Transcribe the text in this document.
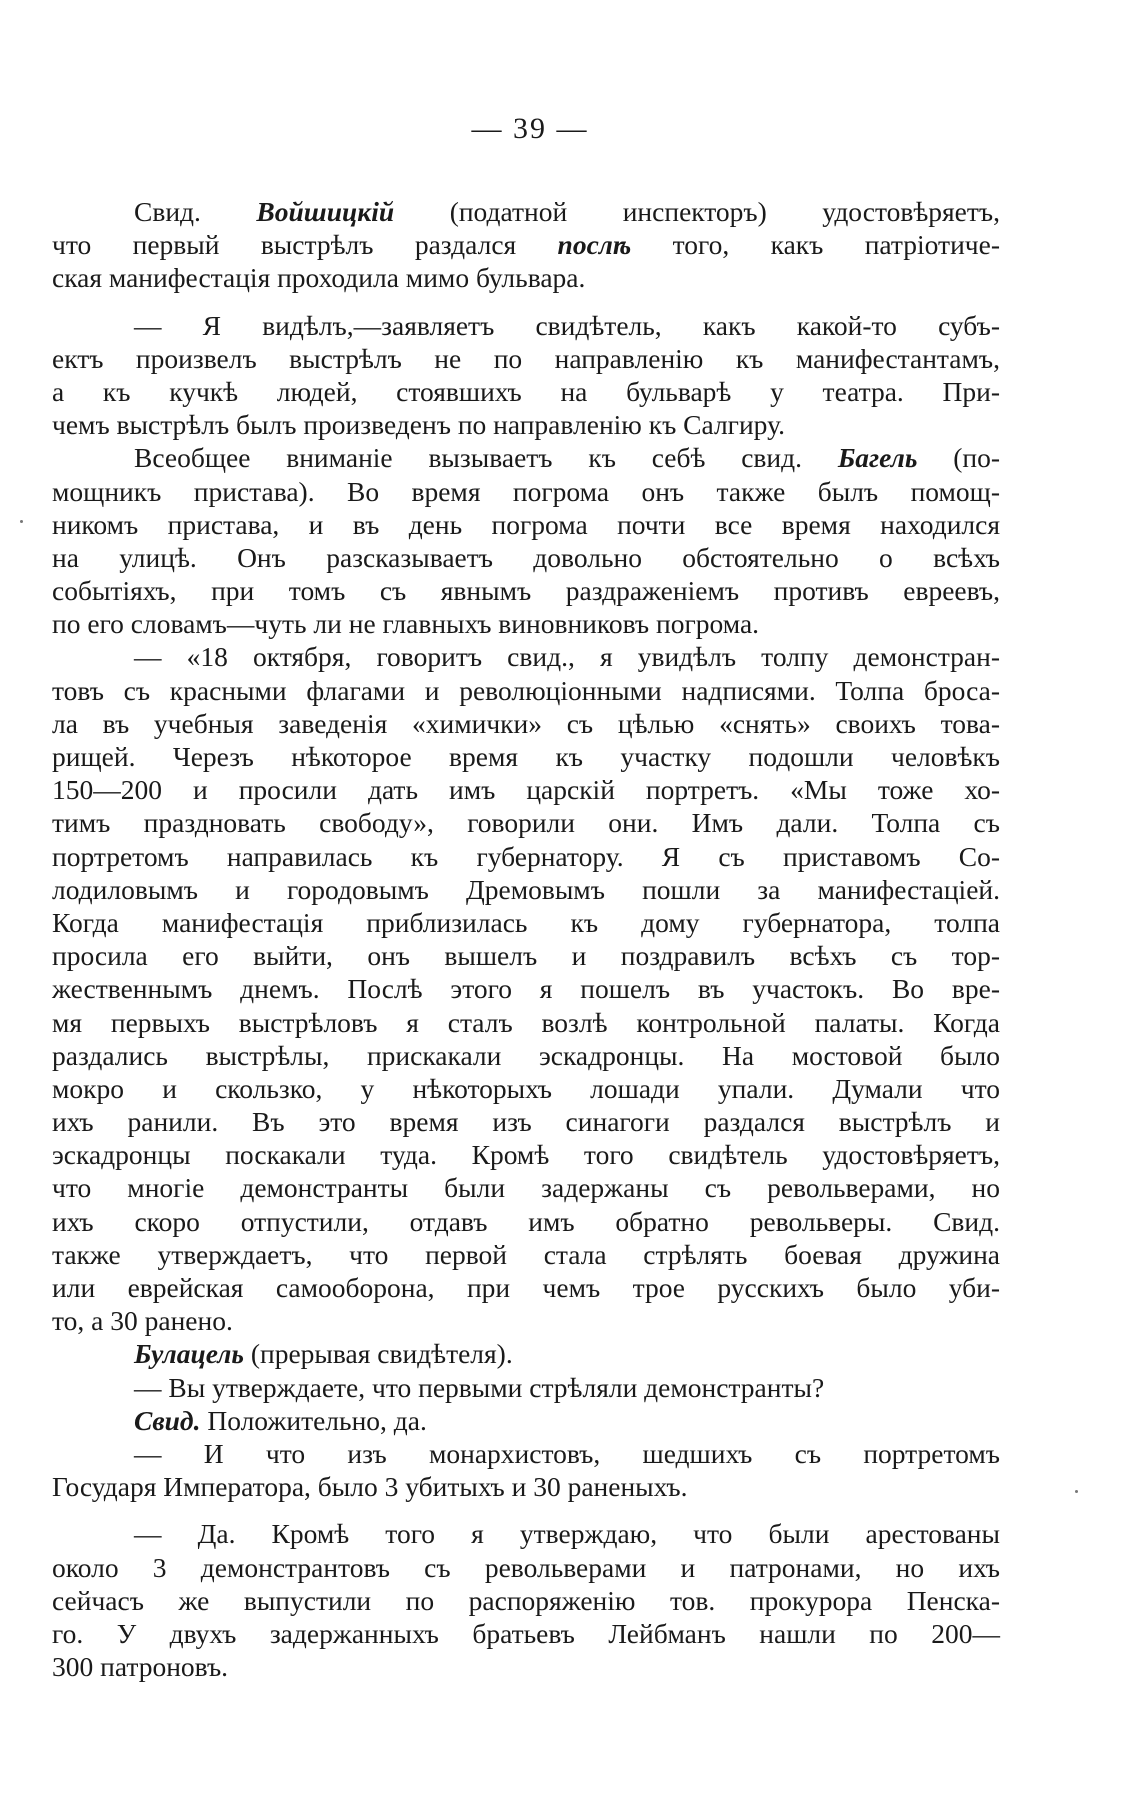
— 39 —
Свид. Войшицкій (податной инспекторъ) удостовѣряетъ,
что первый выстрѣлъ раздался послѣ того, какъ патріотиче-
ская манифестація проходила мимо бульвара.
— Я видѣлъ,—заявляетъ свидѣтель, какъ какой-то субъ-
ектъ произвелъ выстрѣлъ не по направленію къ манифестантамъ,
а къ кучкѣ людей, стоявшихъ на бульварѣ у театра. При-
чемъ выстрѣлъ былъ произведенъ по направленію къ Салгиру.
Всеобщее вниманіе вызываетъ къ себѣ свид. Багель (по-
мощникъ пристава). Во время погрома онъ также былъ помощ-
никомъ пристава, и въ день погрома почти все время находился
на улицѣ. Онъ разсказываетъ довольно обстоятельно о всѣхъ
событіяхъ, при томъ съ явнымъ раздраженіемъ противъ евреевъ,
по его словамъ—чуть ли не главныхъ виновниковъ погрома.
— «18 октября, говоритъ свид., я увидѣлъ толпу демонстран-
товъ съ красными флагами и революціонными надписями. Толпа броса-
ла въ учебныя заведенія «химички» съ цѣлью «снять» своихъ това-
рищей. Черезъ нѣкоторое время къ участку подошли человѣкъ
150—200 и просили дать имъ царскій портретъ. «Мы тоже хо-
тимъ праздновать свободу», говорили они. Имъ дали. Толпа съ
портретомъ направилась къ губернатору. Я съ приставомъ Со-
лодиловымъ и городовымъ Дремовымъ пошли за манифестаціей.
Когда манифестація приблизилась къ дому губернатора, толпа
просила его выйти, онъ вышелъ и поздравилъ всѣхъ съ тор-
жественнымъ днемъ. Послѣ этого я пошелъ въ участокъ. Во вре-
мя первыхъ выстрѣловъ я сталъ возлѣ контрольной палаты. Когда
раздались выстрѣлы, прискакали эскадронцы. На мостовой было
мокро и скользко, у нѣкоторыхъ лошади упали. Думали что
ихъ ранили. Въ это время изъ синагоги раздался выстрѣлъ и
эскадронцы поскакали туда. Кромѣ того свидѣтель удостовѣряетъ,
что многіе демонстранты были задержаны съ револьверами, но
ихъ скоро отпустили, отдавъ имъ обратно револьверы. Свид.
также утверждаетъ, что первой стала стрѣлять боевая дружина
или еврейская самооборона, при чемъ трое русскихъ было уби-
то, а 30 ранено.
Булацель (прерывая свидѣтеля).
— Вы утверждаете, что первыми стрѣляли демонстранты?
Свид. Положительно, да.
— И что изъ монархистовъ, шедшихъ съ портретомъ
Государя Императора, было 3 убитыхъ и 30 раненыхъ.
— Да. Кромѣ того я утверждаю, что были арестованы
около 3 демонстрантовъ съ револьверами и патронами, но ихъ
сейчасъ же выпустили по распоряженію тов. прокурора Пенска-
го. У двухъ задержанныхъ братьевъ Лейбманъ нашли по 200—
300 патроновъ.
